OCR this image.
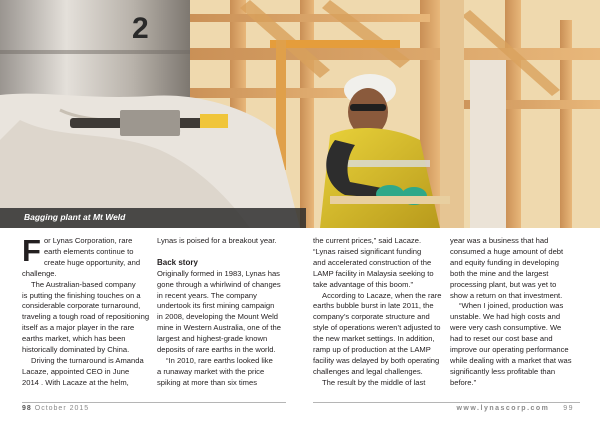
2
Bagging plant at Mt Weld

F or Lynas Corporation, rare
earth elements continue to
create huge opportunity, and
challenge.

The Australian-based company
is putting the finishing touches on a
considerable corporate turnaround,
traveling a tough road of repositioning
itself as a major player in the rare
earths market, which has been
historically dominated by China.

Driving the turnaround is Amanda
Lacaze, appointed CEO in June
2014 . With Lacaze at the helm,

Lynas is poised for a breakout year.

Back story

Originally formed in 1983, Lynas has
gone through a whirlwind of changes
in recent years. The company
undertook its first mining campaign
in 2008, developing the Mount Weld
mine in Western Australia, one of the
largest and highest-grade known
deposits of rare earths in the world.

“In 2010, rare earths looked like
a runaway market with the price
spiking at more than six times

the current prices,” said Lacaze.
“Lynas raised significant funding
and accelerated construction of the
LAMP facility in Malaysia seeking to
take advantage of this boom.”

According to Lacaze, when the rare
earths bubble burst in late 2011, the
company’s corporate structure and
style of operations weren’t adjusted to
the new market settings. In addition,
ramp up of production at the LAMP
facility was delayed by both operating
challenges and legal challenges.

The result by the middle of last

year was a business that had
consumed a huge amount of debt
and equity funding in developing
both the mine and the largest
processing plant, but was yet to
show a return on that investment.

“When I joined, production was
unstable. We had high costs and
were very cash consumptive. We
had to reset our cost base and
improve our operating performance
while dealing with a market that was
significantly less profitable than
before.”

98 October 2015	www.lynascorp.com 99
